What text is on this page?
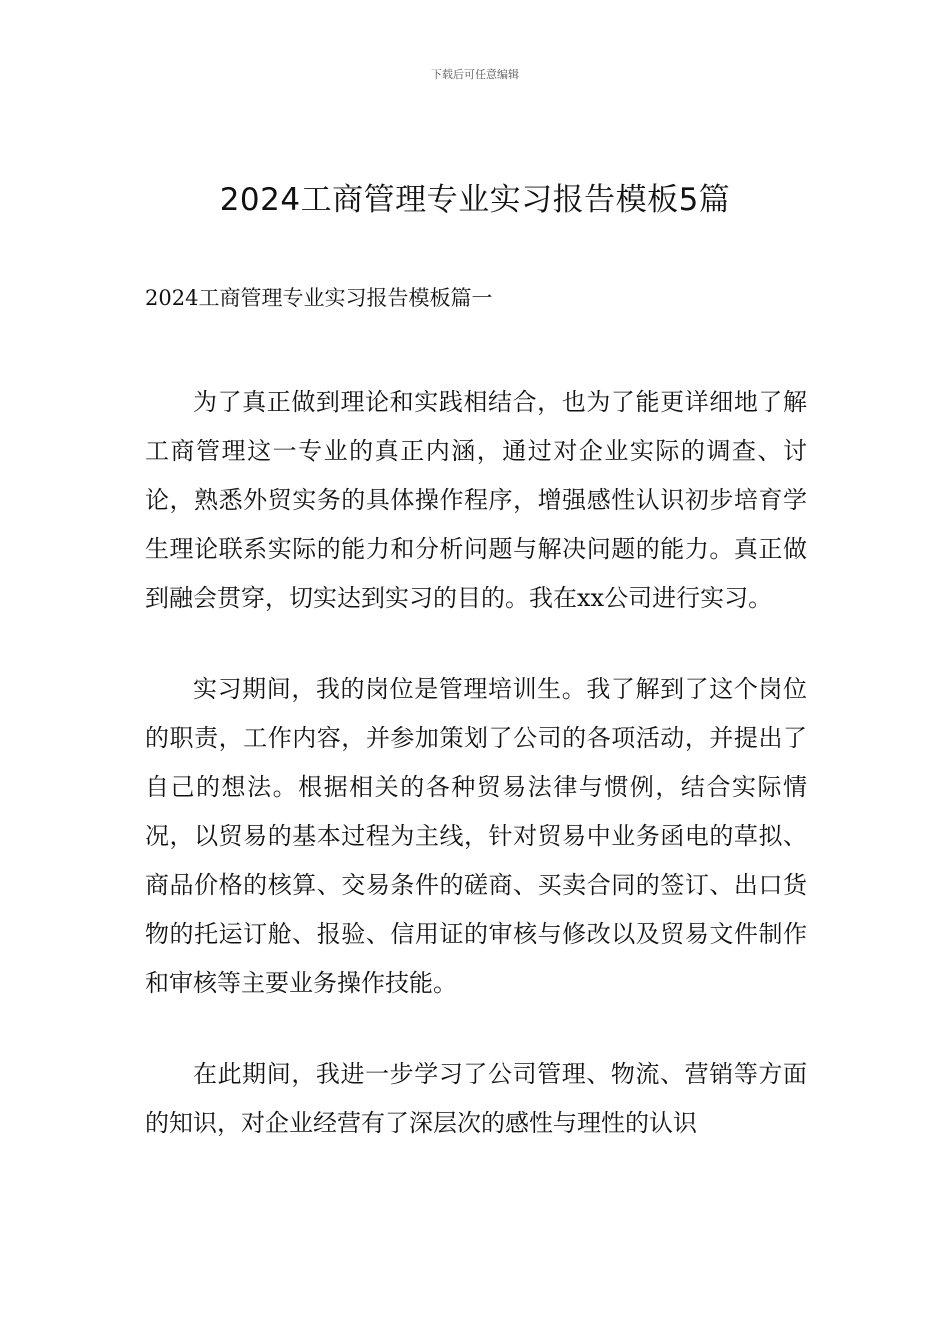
下载后可任意编辑
2024工商管理专业实习报告模板5篇
2024工商管理专业实习报告模板篇一

为了真正做到理论和实践相结合，也为了能更详细地了解工商管理这一专业的真正内涵，通过对企业实际的调查、讨论，熟悉外贸实务的具体操作程序，增强感性认识初步培育学生理论联系实际的能力和分析问题与解决问题的能力。真正做到融会贯穿，切实达到实习的目的。我在xx公司进行实习。

实习期间，我的岗位是管理培训生。我了解到了这个岗位的职责，工作内容，并参加策划了公司的各项活动，并提出了自己的想法。根据相关的各种贸易法律与惯例，结合实际情况，以贸易的基本过程为主线，针对贸易中业务函电的草拟、商品价格的核算、交易条件的磋商、买卖合同的签订、出口货物的托运订舱、报验、信用证的审核与修改以及贸易文件制作和审核等主要业务操作技能。

在此期间，我进一步学习了公司管理、物流、营销等方面的知识，对企业经营有了深层次的感性与理性的认识
